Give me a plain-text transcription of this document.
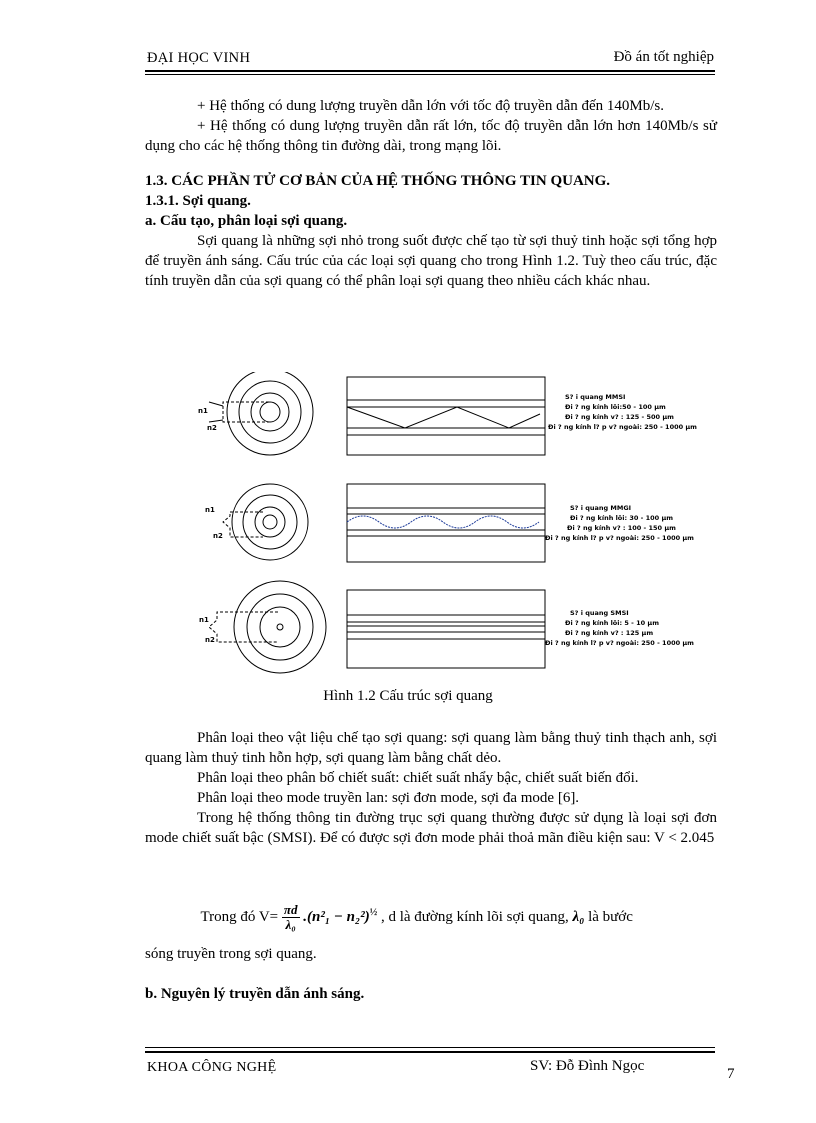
ĐẠI HỌC VINH	Đồ án tốt nghiệp
+ Hệ thống có dung lượng truyền dẫn lớn với tốc độ truyền dẫn đến 140Mb/s.
+ Hệ thống có dung lượng truyền dẫn rất lớn, tốc độ truyền dẫn lớn hơn 140Mb/s sử dụng cho các hệ thống thông tin đường dài, trong mạng lõi.
1.3. CÁC PHẦN TỬ CƠ BẢN CỦA HỆ THỐNG THÔNG TIN QUANG.
1.3.1. Sợi quang.
a. Cấu tạo, phân loại sợi quang.
Sợi quang là những sợi nhỏ trong suốt được chế tạo từ sợi thuỷ tinh hoặc sợi tổng hợp để truyền ánh sáng. Cấu trúc của các loại sợi quang cho trong Hình 1.2. Tuỳ theo cấu trúc, đặc tính truyền dẫn của sợi quang có thể phân loại sợi quang theo nhiều cách khác nhau.
n1
n2
S? i quang MMSI
Ði ? ng kính lõi:50 - 100 µm
Ði ? ng kính v? : 125 - 500 µm
Ði ? ng kính l? p v? ngoài: 250 - 1000 µm
n1
n2
S? i quang MMGI
Ði ? ng kính lõi: 30 - 100 µm
Ði ? ng kính v? : 100 - 150 µm
Ði ? ng kính l? p v? ngoài: 250 - 1000 µm
n1
n2
S? i quang SMSI
Ði ? ng kính lõi: 5 - 10 µm
Ði ? ng kính v? : 125 µm
Ði ? ng kính l? p v? ngoài: 250 - 1000 µm
Hình 1.2 Cấu trúc sợi quang
Phân loại theo vật liệu chế tạo sợi quang: sợi quang làm bằng thuỷ tinh thạch anh, sợi quang làm thuỷ tinh hỗn hợp, sợi quang làm bằng chất dẻo.
Phân loại theo phân bố chiết suất: chiết suất nhẩy bậc, chiết suất biến đổi.
Phân loại theo mode truyền lan: sợi đơn mode, sợi đa mode [6].
Trong hệ thống thông tin đường trục sợi quang thường được sử dụng là loại sợi đơn mode chiết suất bậc (SMSI). Để có được sợi đơn mode phải thoả mãn điều kiện sau: V < 2.045
Trong đó $V= \frac{\pi d}{\text{λ₀}} .(n^2_1 - n_2^2)^{\frac{1}{2}}$ , d là đường kính lõi sợi quang, λ₀ là bước
sóng truyền trong sợi quang.
b. Nguyên lý truyền dẫn ánh sáng.
KHOA CÔNG NGHỆ	SV: Đỗ Đình Ngọc	7
